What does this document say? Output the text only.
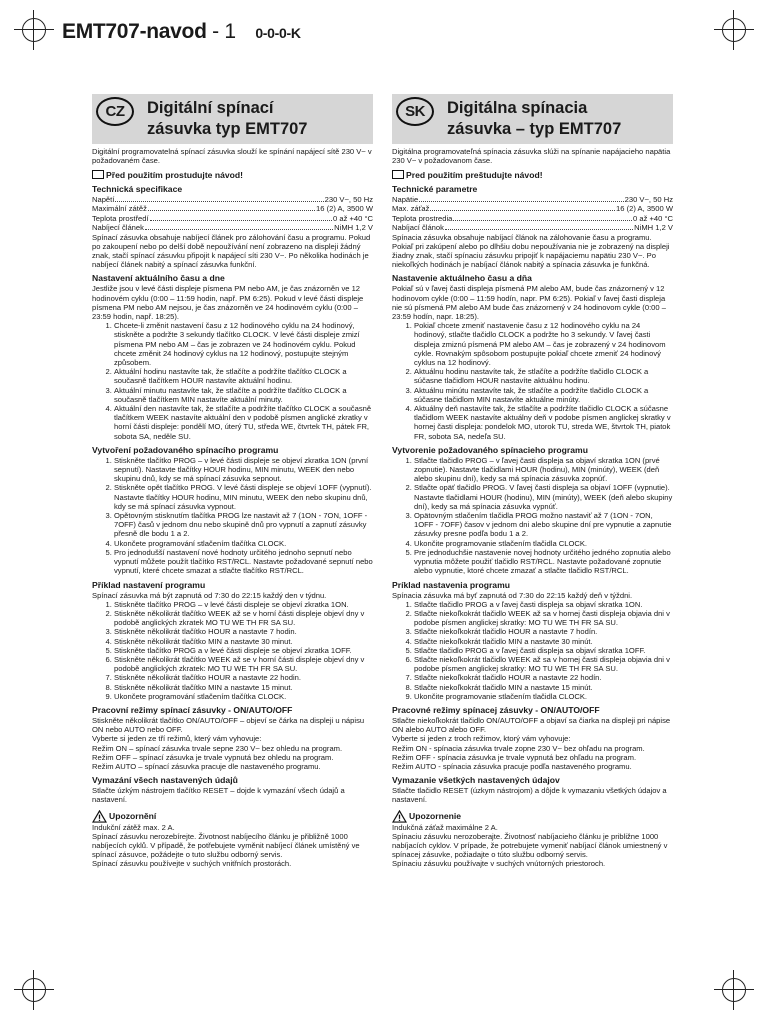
EMT707-navod - 1 0-0-0-K
CZ	Digitální spínací zásuvka typ EMT707

Digitální programovatelná spínací zásuvka slouží ke spínání napájecí sítě 230 V~ v požadovaném čase.

Před použitím prostudujte návod!
Technická specifikace
Napětí	230 V~, 50 Hz
Maximální zátěž	16 (2) A, 3500 W
Teplota prostředí	0 až +40 °C
Nabíjecí článek	NiMH 1,2 V

Spínací zásuvka obsahuje nabíjecí článek pro zálohování času a programu. Pokud po zakoupení nebo po delší době nepoužívání není zobrazeno na displeji žádný znak, stačí spínací zásuvku připojit k napájecí síti 230 V~. Po několika hodinách je nabíjecí článek nabitý a spínací zásuvka funkční.

Nastavení aktuálního času a dne

Jestliže jsou v levé části displeje písmena PM nebo AM, je čas znázorněn ve 12 hodinovém cyklu (0:00 – 11:59 hodin, např. PM 6:25). Pokud v levé části displeje písmena PM nebo AM nejsou, je čas znázorněn ve 24 hodinovém cyklu (0:00 – 23:59 hodin, např. 18:25).

1. Chcete-li změnit nastavení času z 12 hodinového cyklu na 24 hodinový, stiskněte a podržte 3 sekundy tlačítko CLOCK. V levé části displeje zmizí písmena PM nebo AM – čas je zobrazen ve 24 hodinovém cyklu. Pokud chcete změnit 24 hodinový cyklus na 12 hodinový, postupujte stejným způsobem.
2. Aktuální hodinu nastavíte tak, že stlačíte a podržíte tlačítko CLOCK a současně tlačítkem HOUR nastavíte aktuální hodinu.
3. Aktuální minutu nastavíte tak, že stlačíte a podržíte tlačítko CLOCK a současně tlačítkem MIN nastavíte aktuální minuty.
4. Aktuální den nastavíte tak, že stlačíte a podržíte tlačítko CLOCK a současně tlačítkem WEEK nastavíte aktuální den v podobě písmen anglické zkratky v horní části displeje: pondělí MO, úterý TU, středa WE, čtvrtek TH, pátek FR, sobota SA, neděle SU.
Vytvoření požadovaného spínacího programu
1. Stiskněte tlačítko PROG – v levé části displeje se objeví zkratka 1ON (první sepnutí). Nastavte tlačítky HOUR hodinu, MIN minutu, WEEK den nebo skupinu dnů, kdy se má spínací zásuvka sepnout.
2. Stiskněte opět tlačítko PROG. V levé části displeje se objeví 1OFF (vypnutí). Nastavte tlačítky HOUR hodinu, MIN minutu, WEEK den nebo skupinu dnů, kdy se má spínací zásuvka vypnout.
3. Opětovným stisknutím tlačítka PROG lze nastavit až 7 (1ON - 7ON, 1OFF - 7OFF) časů v jednom dnu nebo skupině dnů pro vypnutí a zapnutí zásuvky přesně dle bodu 1 a 2.
4. Ukončete programování stlačením tlačítka CLOCK.
5. Pro jednodušší nastavení nové hodnoty určitého jednoho sepnutí nebo vypnutí můžete použít tlačítko RST/RCL. Nastavte požadované sepnutí nebo vypnutí, které chcete smazat a stlačte tlačítko RST/RCL.
Příklad nastavení programu

Spínací zásuvka má být zapnutá od 7:30 do 22:15 každý den v týdnu.

1. Stiskněte tlačítko PROG – v levé části displeje se objeví zkratka 1ON.
2. Stiskněte několikrát tlačítko WEEK až se v horní části displeje objeví dny v podobě anglických zkratek MO TU WE TH FR SA SU.
3. Stiskněte několikrát tlačítko HOUR a nastavte 7 hodin.
4. Stiskněte několikrát tlačítko MIN a nastavte 30 minut.
5. Stiskněte tlačítko PROG a v levé části displeje se objeví zkratka 1OFF.
6. Stiskněte několikrát tlačítko WEEK až se v horní části displeje objeví dny v podobě anglických zkratek: MO TU WE TH FR SA SU.
7. Stiskněte několikrát tlačítko HOUR a nastavte 22 hodin.
8. Stiskněte několikrát tlačítko MIN a nastavte 15 minut.
9. Ukončete programování stlačením tlačítka CLOCK.
Pracovní režimy spínací zásuvky - ON/AUTO/OFF

Stiskněte několikrát tlačítko ON/AUTO/OFF – objeví se čárka na displeji u nápisu ON nebo AUTO nebo OFF.

Vyberte si jeden ze tří režimů, který vám vyhovuje:

Režim ON – spínací zásuvka trvale sepne 230 V~ bez ohledu na program.

Režim OFF – spínací zásuvka je trvale vypnutá bez ohledu na program.

Režim AUTO – spínací zásuvka pracuje dle nastaveného programu.

Vymazání všech nastavených údajů

Stlačte úzkým nástrojem tlačítko RESET – dojde k vymazání všech údajů a nastavení.

Upozornění

Indukční zátěž max. 2 A.

Spínací zásuvku nerozebírejte. Životnost nabíjecího článku je přibližně 1000 nabíjecích cyklů. V případě, že potřebujete vyměnit nabíjecí článek umístěný ve spínací zásuvce, požádejte o tuto službu odborný servis.

Spínací zásuvku používejte v suchých vnitřních prostorách.

SK	Digitálna spínacia zásuvka – typ EMT707

Digitálna programovateľná spínacia zásuvka slúži na spínanie napájacieho napätia 230 V~ v požadovanom čase.

Pred použitím preštudujte návod!
Technické parametre
Napätie	230 V~, 50 Hz
Max. záťaž	16 (2) A, 3500 W
Teplota prostredia	0 až +40 °C
Nabíjací článok	NiMH 1,2 V

Spínacia zásuvka obsahuje nabíjací článok na zálohovanie času a programu. Pokiaľ pri zakúpení alebo po dlhšiu dobu nepoužívania nie je zobrazený na displeji žiadny znak, stačí spínaciu zásuvku pripojiť k napájaciemu napätiu 230 V~. Po niekoľkých hodinách je nabíjací článok nabitý a spínacia zásuvka je funkčná.

Nastavenie aktuálneho času a dňa

Pokiaľ sú v ľavej časti displeja písmená PM alebo AM, bude čas znázornený v 12 hodinovom cykle (0:00 – 11:59 hodín, napr. PM 6:25). Pokiaľ v ľavej časti displeja nie sú písmená PM alebo AM bude čas znázornený v 24 hodinovom cykle (0:00 – 23:59 hodín, napr. 18:25).

1. Pokiaľ chcete zmeniť nastavenie času z 12 hodinového cyklu na 24 hodinový, stlačte tlačidlo CLOCK a podržte ho 3 sekundy. V ľavej časti displeja zmiznú písmená PM alebo AM – čas je zobrazený v 24 hodinovom cykle. Rovnakým spôsobom postupujte pokiaľ chcete zmeniť 24 hodinový cyklus na 12 hodinový.
2. Aktuálnu hodinu nastavíte tak, že stlačíte a podržíte tlačidlo CLOCK a súčasne tlačidlom HOUR nastavíte aktuálnu hodinu.
3. Aktuálnu minútu nastavíte tak, že stlačíte a podržíte tlačidlo CLOCK a súčasne tlačidlom MIN nastavíte aktuálne minúty.
4. Aktuálny deň nastavíte tak, že stlačíte a podržíte tlačidlo CLOCK a súčasne tlačidlom WEEK nastavíte aktuálny deň v podobe písmen anglickej skratky v hornej časti displeja: pondelok MO, utorok TU, streda WE, štvrtok TH, piatok FR, sobota SA, nedeľa SU.
Vytvorenie požadovaného spínacieho programu
1. Stlačte tlačidlo PROG – v ľavej časti displeja sa objaví skratka 1ON (prvé zopnutie). Nastavte tlačidlami HOUR (hodinu), MIN (minúty), WEEK (deň alebo skupinu dní), kedy sa má spínacia zásuvka zopnúť.
2. Stlačte opäť tlačidlo PROG. V ľavej časti displeja sa objaví 1OFF (vypnutie). Nastavte tlačidlami HOUR (hodinu), MIN (minúty), WEEK (deň alebo skupiny dní), kedy sa má spínacia zásuvka vypnúť.
3. Opätovným stlačením tlačidla PROG možno nastaviť až 7 (1ON - 7ON, 1OFF - 7OFF) časov v jednom dni alebo skupine dní pre vypnutie a zapnutie zásuvky presne podľa bodu 1 a 2.
4. Ukončite programovanie stlačením tlačidla CLOCK.
5. Pre jednoduchšie nastavenie novej hodnoty určitého jedného zopnutia alebo vypnutia môžete použiť tlačidlo RST/RCL. Nastavte požadované zopnutie alebo vypnutie, ktoré chcete zmazať a stlačte tlačidlo RST/RCL.
Príklad nastavenia programu

Spínacia zásuvka má byť zapnutá od 7:30 do 22:15 každý deň v týždni.

1. Stlačte tlačidlo PROG a v ľavej časti displeja sa objaví skratka 1ON.
2. Stlačte niekoľkokrát tlačidlo WEEK až sa v hornej časti displeja objavia dni v podobe písmen anglickej skratky: MO TU WE TH FR SA SU.
3. Stlačte niekoľkokrát tlačidlo HOUR a nastavte 7 hodín.
4. Stlačte niekoľkokrát tlačidlo MIN a nastavte 30 minút.
5. Stlačte tlačidlo PROG a v ľavej časti displeja sa objaví skratka 1OFF.
6. Stlačte niekoľkokrát tlačidlo WEEK až sa v hornej časti displeja objavia dni v podobe písmen anglickej skratky: MO TU WE TH FR SA SU.
7. Stlačte niekoľkokrát tlačidlo HOUR a nastavte 22 hodín.
8. Stlačte niekoľkokrát tlačidlo MIN a nastavte 15 minút.
9. Ukončite programovanie stlačením tlačidla CLOCK.
Pracovné režimy spínacej zásuvky - ON/AUTO/OFF

Stlačte niekoľkokrát tlačidlo ON/AUTO/OFF a objaví sa čiarka na displeji pri nápise ON alebo AUTO alebo OFF.

Vyberte si jeden z troch režimov, ktorý vám vyhovuje:

Režim ON - spínacia zásuvka trvale zopne 230 V~ bez ohľadu na program.

Režim OFF - spínacia zásuvka je trvale vypnutá bez ohľadu na program.

Režim AUTO - spínacia zásuvka pracuje podľa nastaveného programu.

Vymazanie všetkých nastavených údajov

Stlačte tlačidlo RESET (úzkym nástrojom) a dôjde k vymazaniu všetkých údajov a nastavení.

Upozornenie

Indukčná záťaž maximálne 2 A.

Spínaciu zásuvku nerozoberajte. Životnosť nabíjacieho článku je približne 1000 nabíjacích cyklov. V prípade, že potrebujete vymeniť nabíjací článok umiestnený v spínacej zásuvke, požiadajte o túto službu odborný servis.

Spínaciu zásuvku používajte v suchých vnútorných priestoroch.
